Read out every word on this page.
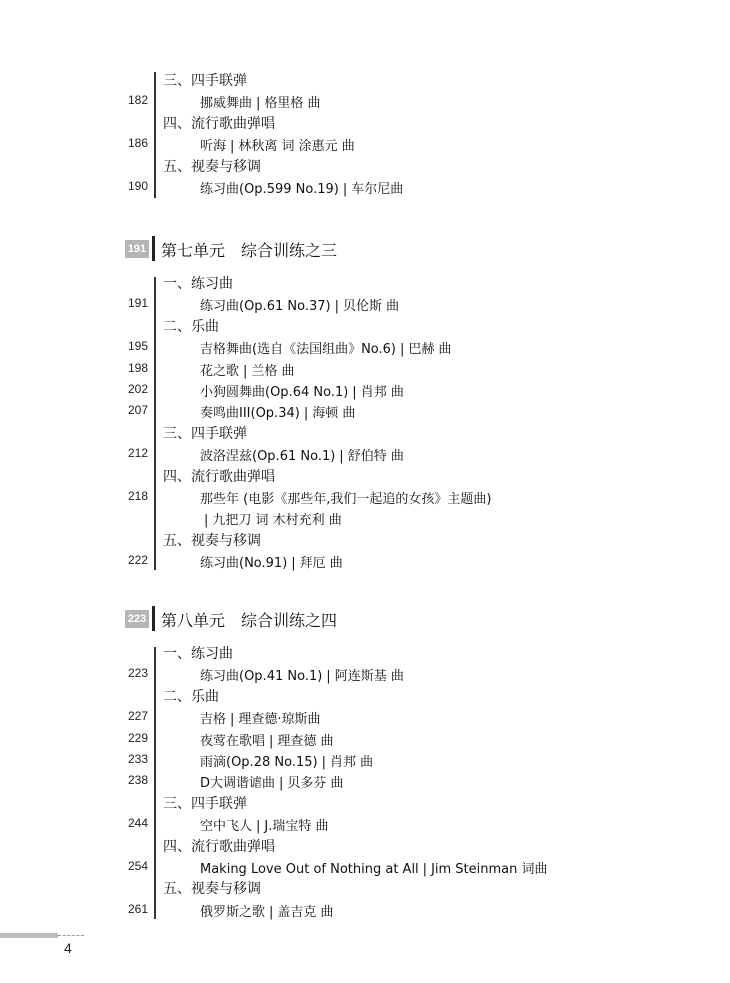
三、四手联弹
182	挪威舞曲 | 格里格 曲
四、流行歌曲弹唱
186	听海 | 林秋离 词 涂惠元 曲
五、视奏与移调
190	练习曲(Op.599 No.19) | 车尔尼曲
191 第七单元 综合训练之三
一、练习曲
191	练习曲(Op.61 No.37) | 贝伦斯 曲
二、乐曲
195	吉格舞曲(选自《法国组曲》No.6) | 巴赫 曲
198	花之歌 | 兰格 曲
202	小狗圆舞曲(Op.64 No.1) | 肖邦 曲
207	奏鸣曲III(Op.34) | 海顿 曲
三、四手联弹
212	波洛涅兹(Op.61 No.1) | 舒伯特 曲
四、流行歌曲弹唱
218	那些年 (电影《那些年,我们一起追的女孩》主题曲)
| 九把刀 词 木村充利 曲
五、视奏与移调
222	练习曲(No.91) | 拜厄 曲
223 第八单元 综合训练之四
一、练习曲
223	练习曲(Op.41 No.1) | 阿连斯基 曲
二、乐曲
227	吉格 | 理查德·琼斯曲
229	夜莺在歌唱 | 理查德 曲
233	雨滴(Op.28 No.15) | 肖邦 曲
238	D大调谐谑曲 | 贝多芬 曲
三、四手联弹
244	空中飞人 | J.瑞宝特 曲
四、流行歌曲弹唱
254	Making Love Out of Nothing at All | Jim Steinman 词曲
五、视奏与移调
261	俄罗斯之歌 | 盖吉克 曲
4
